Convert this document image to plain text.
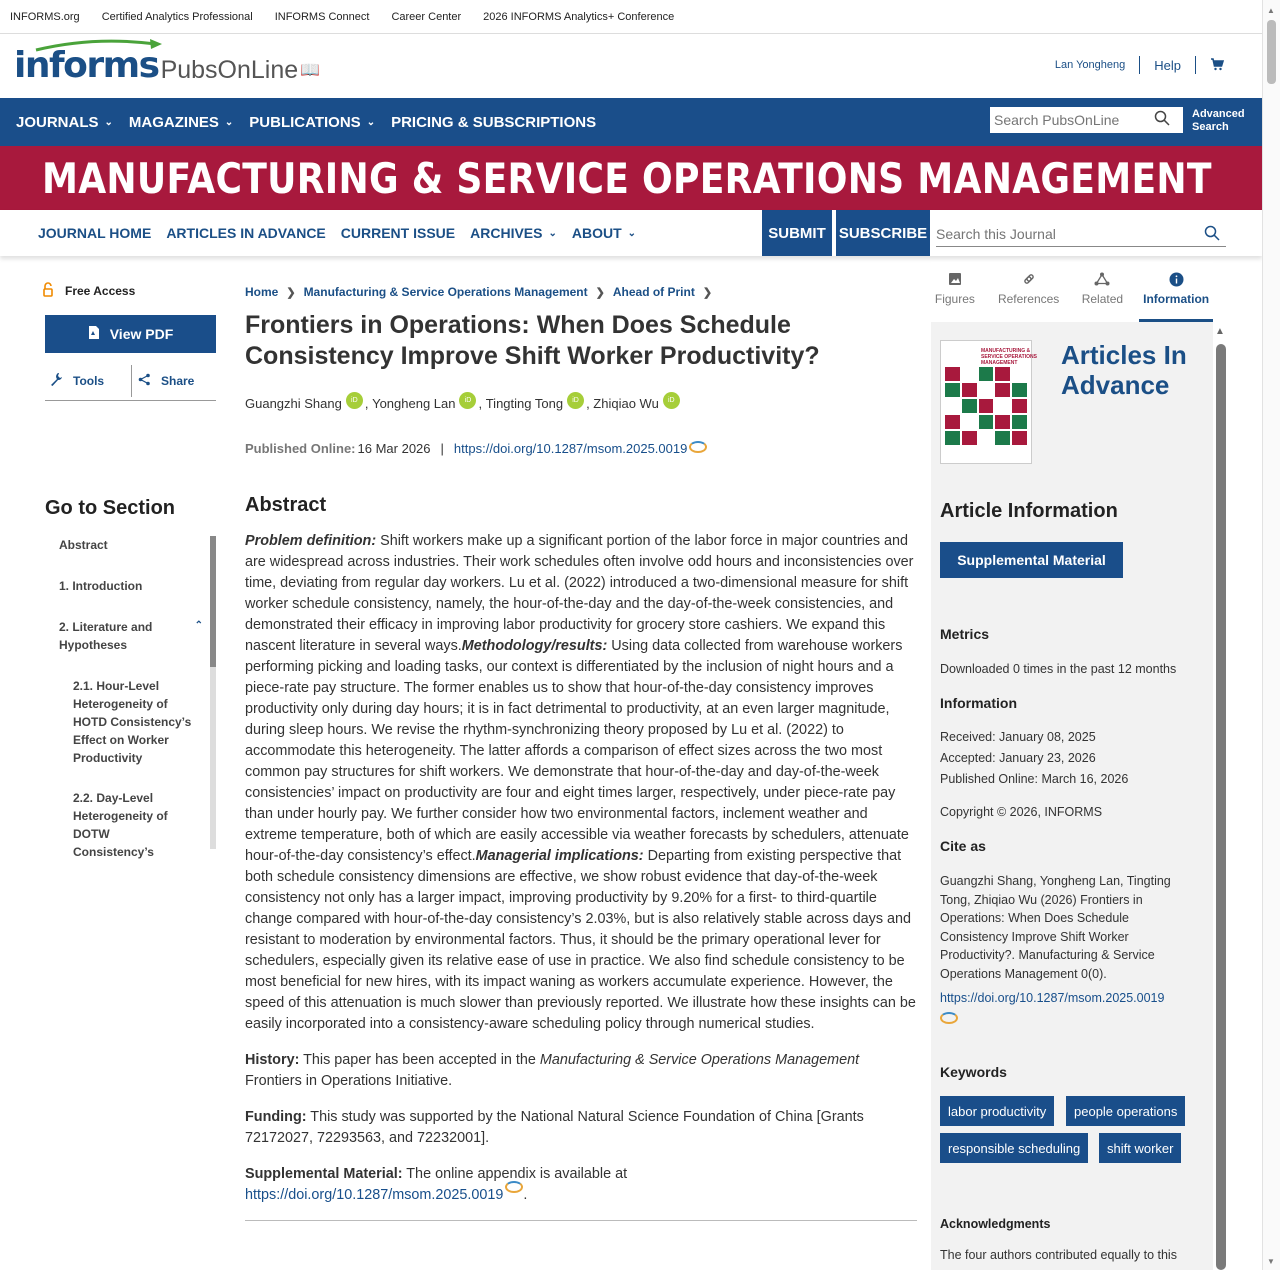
INFORMS.org Certified Analytics Professional INFORMS Connect Career Center 2026 INFORMS Analytics+ Conference
informs PubsOnLine 📖	Lan Yongheng Help
JOURNALS ⌄ MAGAZINES ⌄ PUBLICATIONS ⌄ PRICING & SUBSCRIPTIONS
Search PubsOnLine	Advanced
Search
MANUFACTURING & SERVICE OPERATIONS MANAGEMENT
JOURNAL HOME ARTICLES IN ADVANCE CURRENT ISSUE ARCHIVES ⌄ ABOUT ⌄	SUBMIT SUBSCRIBE
Search this Journal
Free Access
View PDF
Tools	Share
Go to Section
Abstract
1. Introduction
2. Literature and Hypotheses
⌃
2.1. Hour-Level Heterogeneity of HOTD Consistency’s Effect on Worker Productivity
2.2. Day-Level Heterogeneity of DOTW Consistency’s
Home ❯ Manufacturing & Service Operations Management ❯ Ahead of Print ❯
Frontiers in Operations: When Does Schedule Consistency Improve Shift Worker Productivity?
Guangzhi Shang	iD , Yongheng Lan	iD , Tingting Tong	iD , Zhiqiao Wu	iD
Published Online: 16 Mar 2026 | https://doi.org/10.1287/msom.2025.0019
Abstract
Problem definition: Shift workers make up a significant portion of the labor force in major countries and are widespread across industries. Their work schedules often involve odd hours and inconsistencies over time, deviating from regular day workers. Lu et al. (2022) introduced a two-dimensional measure for shift worker schedule consistency, namely, the hour-of-the-day and the day-of-the-week consistencies, and demonstrated their efficacy in improving labor productivity for grocery store cashiers. We expand this nascent literature in several ways.Methodology/results: Using data collected from warehouse workers performing picking and loading tasks, our context is differentiated by the inclusion of night hours and a piece-rate pay structure. The former enables us to show that hour-of-the-day consistency improves productivity only during day hours; it is in fact detrimental to productivity, at an even larger magnitude, during sleep hours. We revise the rhythm-synchronizing theory proposed by Lu et al. (2022) to accommodate this heterogeneity. The latter affords a comparison of effect sizes across the two most common pay structures for shift workers. We demonstrate that hour-of-the-day and day-of-the-week consistencies’ impact on productivity are four and eight times larger, respectively, under piece-rate pay than under hourly pay. We further consider how two environmental factors, inclement weather and extreme temperature, both of which are easily accessible via weather forecasts by schedulers, attenuate hour-of-the-day consistency’s effect.Managerial implications: Departing from existing perspective that both schedule consistency dimensions are effective, we show robust evidence that day-of-the-week consistency not only has a larger impact, improving productivity by 9.20% for a first- to third-quartile change compared with hour-of-the-day consistency’s 2.03%, but is also relatively stable across days and resistant to moderation by environmental factors. Thus, it should be the primary operational lever for schedulers, especially given its relative ease of use in practice. We also find schedule consistency to be most beneficial for new hires, with its impact waning as workers accumulate experience. However, the speed of this attenuation is much slower than previously reported. We illustrate how these insights can be easily incorporated into a consistency-aware scheduling policy through numerical studies.
History: This paper has been accepted in the Manufacturing & Service Operations Management Frontiers in Operations Initiative.
Funding: This study was supported by the National Natural Science Foundation of China [Grants 72172027, 72293563, and 72232001].
Supplemental Material: The online appendix is available at
https://doi.org/10.1287/msom.2025.0019 .
Figures References Related Information
MANUFACTURING & SERVICE OPERATIONS MANAGEMENT	Articles In Advance
Article Information
Supplemental Material
Metrics
Downloaded 0 times in the past 12 months
Information
Received: January 08, 2025
Accepted: January 23, 2026
Published Online: March 16, 2026
Copyright © 2026, INFORMS
Cite as
Guangzhi Shang, Yongheng Lan, Tingting Tong, Zhiqiao Wu (2026) Frontiers in Operations: When Does Schedule Consistency Improve Shift Worker Productivity?. Manufacturing & Service Operations Management 0(0).
https://doi.org/10.1287/msom.2025.0019

Keywords
labor productivity	people operations
responsible scheduling	shift worker
Acknowledgments
The four authors contributed equally to this
▲
▲
▼
